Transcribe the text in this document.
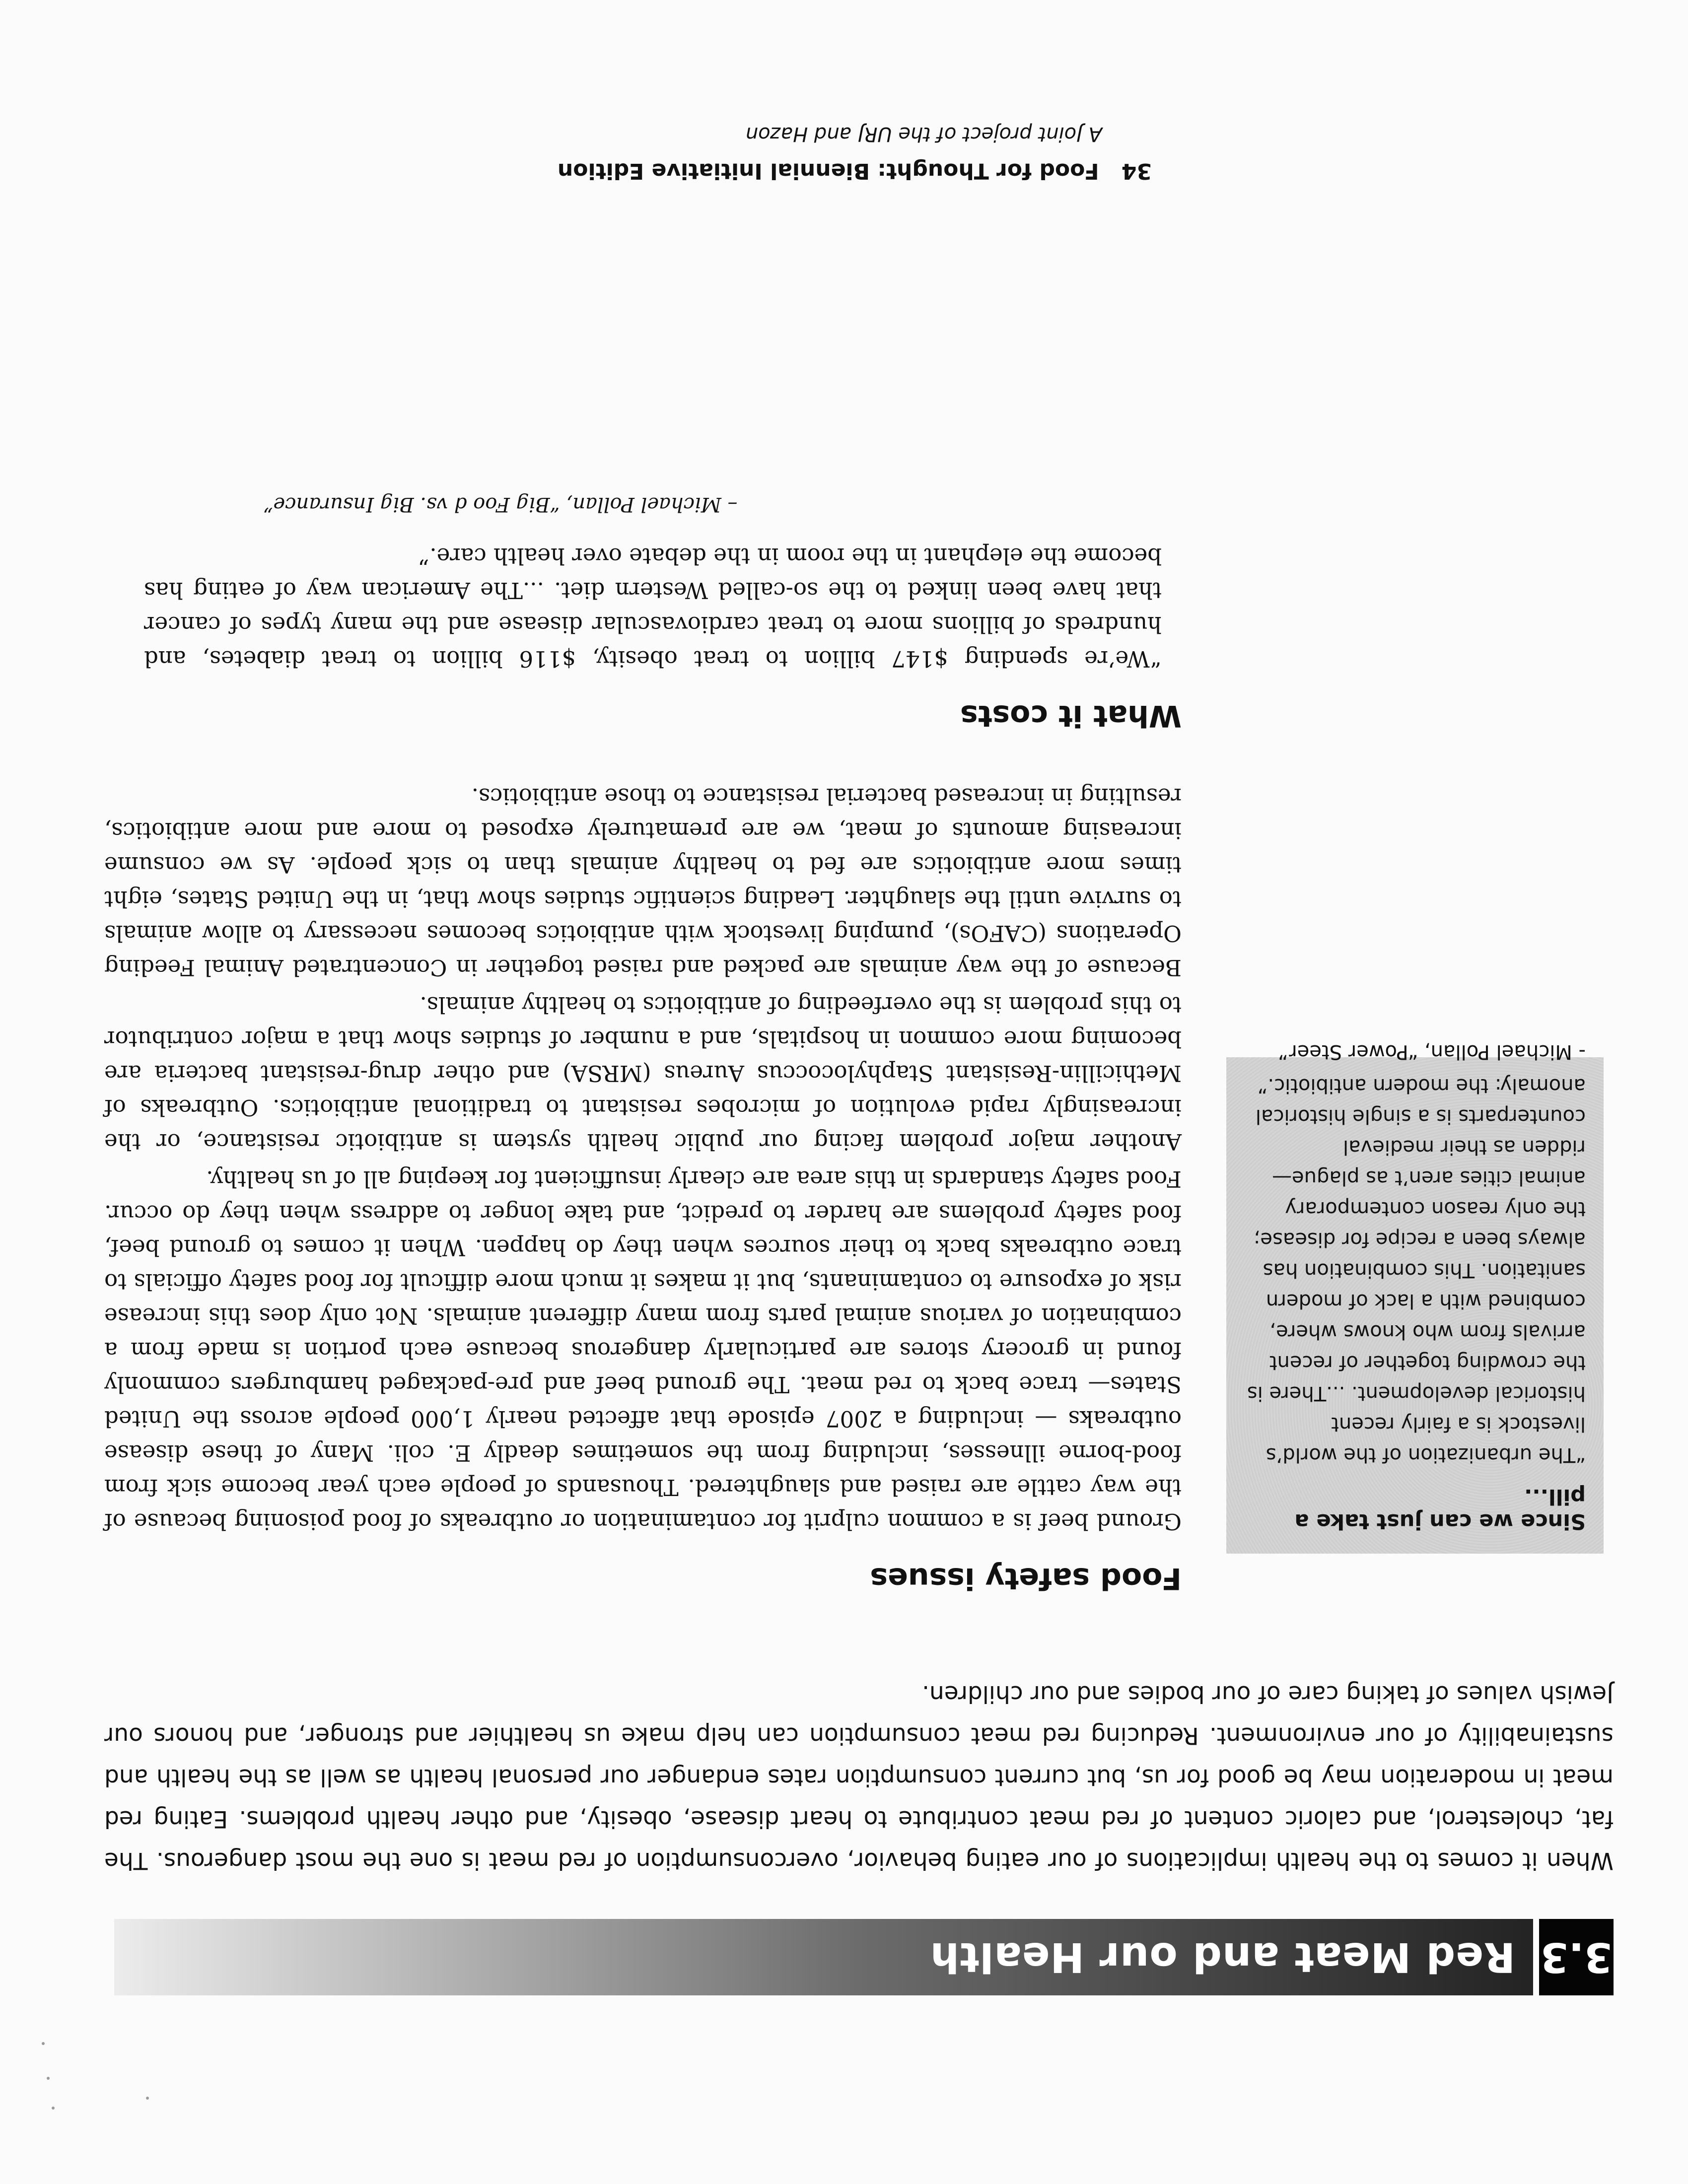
3.3
Red Meat and our Health

When it comes to the health implications of our eating behavior, overconsumption of red meat is one the most dangerous. The fat, cholesterol, and caloric content of red meat contribute to heart disease, obesity, and other health problems. Eating red meat in moderation may be good for us, but current consumption rates endanger our personal health as well as the health and sustainability of our environment. Reducing red meat consumption can help make us healthier and stronger, and honors our Jewish values of taking care of our bodies and our children.

Since we can just take a pill...

“The urbanization of the world’s livestock is a fairly recent historical development. ...There is the crowding together of recent arrivals from who knows where, combined with a lack of modern sanitation. This combination has always been a recipe for disease; the only reason contemporary animal cities aren’t as plague—ridden as their medieval counterparts is a single historical anomaly: the modern antibiotic.”

- Michael Pollan, “Power Steer”

Food safety issues

Ground beef is a common culprit for contamination or outbreaks of food poisoning because of the way cattle are raised and slaughtered. Thousands of people each year become sick from food-borne illnesses, including from the sometimes deadly E. coli. Many of these disease outbreaks — including a 2007 episode that affected nearly 1,000 people across the United States— trace back to red meat. The ground beef and pre-packaged hamburgers commonly found in grocery stores are particularly dangerous because each portion is made from a combination of various animal parts from many different animals. Not only does this increase risk of exposure to contaminants, but it makes it much more difficult for food safety officials to trace outbreaks back to their sources when they do happen. When it comes to ground beef, food safety problems are harder to predict, and take longer to address when they do occur. Food safety standards in this area are clearly insufficient for keeping all of us healthy.

Another major problem facing our public health system is antibiotic resistance, or the increasingly rapid evolution of microbes resistant to traditional antibiotics. Outbreaks of Methicillin-Resistant Staphylococcus Aureus (MRSA) and other drug-resistant bacteria are becoming more common in hospitals, and a number of studies show that a major contributor to this problem is the overfeeding of antibiotics to healthy animals.

Because of the way animals are packed and raised together in Concentrated Animal Feeding Operations (CAFOs), pumping livestock with antibiotics becomes necessary to allow animals to survive until the slaughter. Leading scientific studies show that, in the United States, eight times more antibiotics are fed to healthy animals than to sick people. As we consume increasing amounts of meat, we are prematurely exposed to more and more antibiotics, resulting in increased bacterial resistance to those antibiotics.

What it costs

“We’re spending $147 billion to treat obesity, $116 billion to treat diabetes, and hundreds of billions more to treat cardiovascular disease and the many types of cancer that have been linked to the so-called Western diet. ...The American way of eating has become the elephant in the room in the debate over health care.”

– Michael Pollan, “Big Foo d vs. Big Insurance”

34 Food for Thought: Biennial Initiative Edition
A Joint project of the URJ and Hazon
